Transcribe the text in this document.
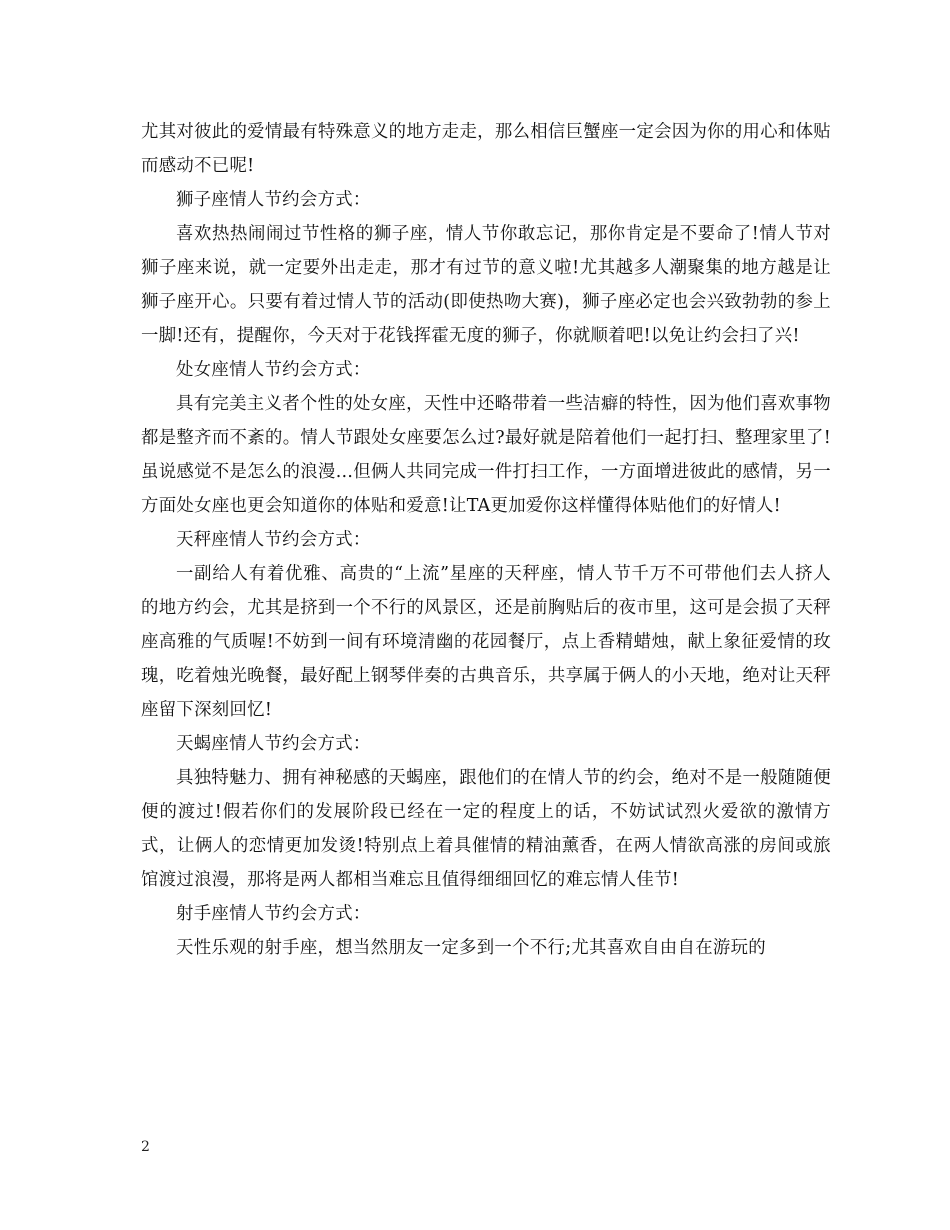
尤其对彼此的爱情最有特殊意义的地方走走，那么相信巨蟹座一定会因为你的用心和体贴而感动不已呢!

狮子座情人节约会方式：

喜欢热热闹闹过节性格的狮子座，情人节你敢忘记，那你肯定是不要命了!情人节对狮子座来说，就一定要外出走走，那才有过节的意义啦!尤其越多人潮聚集的地方越是让狮子座开心。只要有着过情人节的活动(即使热吻大赛)，狮子座必定也会兴致勃勃的参上一脚!还有，提醒你，今天对于花钱挥霍无度的狮子，你就顺着吧!以免让约会扫了兴!

处女座情人节约会方式：

具有完美主义者个性的处女座，天性中还略带着一些洁癖的特性，因为他们喜欢事物都是整齐而不紊的。情人节跟处女座要怎么过?最好就是陪着他们一起打扫、整理家里了!虽说感觉不是怎么的浪漫…但俩人共同完成一件打扫工作，一方面增进彼此的感情，另一方面处女座也更会知道你的体贴和爱意!让TA更加爱你这样懂得体贴他们的好情人!

天秤座情人节约会方式：

一副给人有着优雅、高贵的“上流”星座的天秤座，情人节千万不可带他们去人挤人的地方约会，尤其是挤到一个不行的风景区，还是前胸贴后的夜市里，这可是会损了天秤座高雅的气质喔!不妨到一间有环境清幽的花园餐厅，点上香精蜡烛，献上象征爱情的玫瑰，吃着烛光晚餐，最好配上钢琴伴奏的古典音乐，共享属于俩人的小天地，绝对让天秤座留下深刻回忆!

天蝎座情人节约会方式：

具独特魅力、拥有神秘感的天蝎座，跟他们的在情人节的约会，绝对不是一般随随便便的渡过!假若你们的发展阶段已经在一定的程度上的话，不妨试试烈火爱欲的激情方式，让俩人的恋情更加发烫!特别点上着具催情的精油薰香，在两人情欲高涨的房间或旅馆渡过浪漫，那将是两人都相当难忘且值得细细回忆的难忘情人佳节!

射手座情人节约会方式：

天性乐观的射手座，想当然朋友一定多到一个不行;尤其喜欢自由自在游玩的

2
